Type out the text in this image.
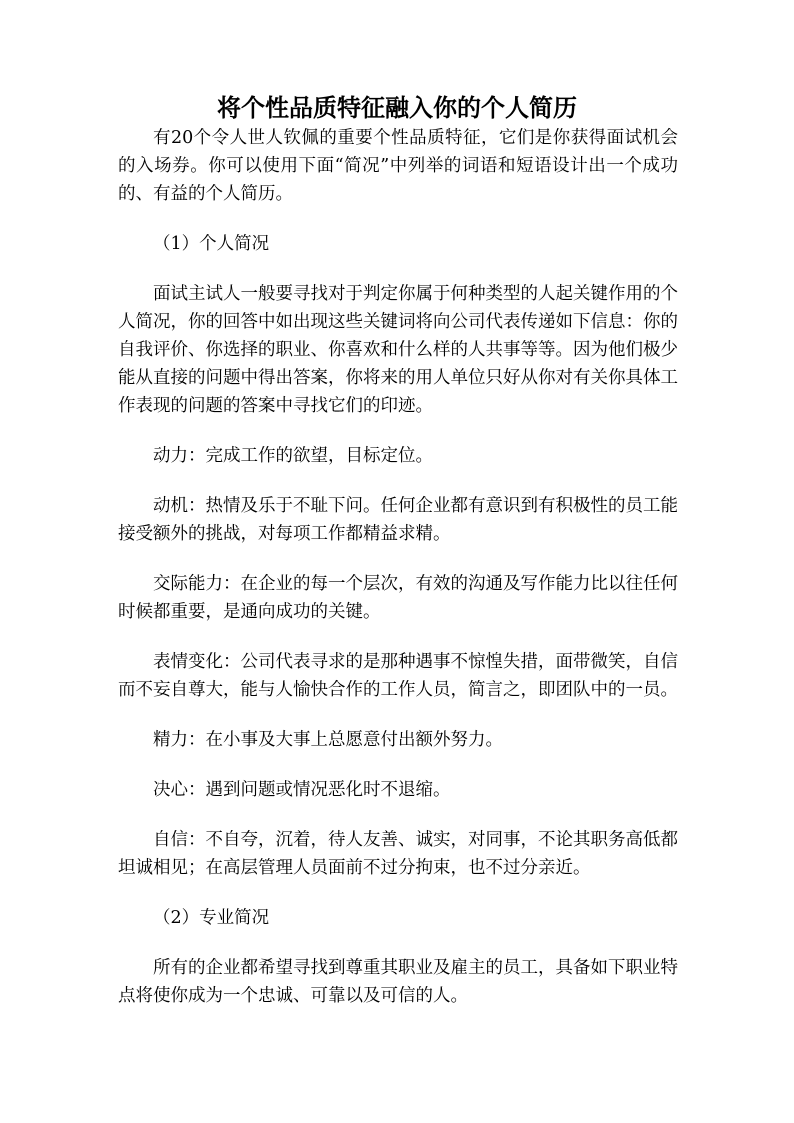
将个性品质特征融入你的个人简历

有20个令人世人钦佩的重要个性品质特征，它们是你获得面试机会的入场券。你可以使用下面“简况”中列举的词语和短语设计出一个成功的、有益的个人简历。

（1）个人简况

面试主试人一般要寻找对于判定你属于何种类型的人起关键作用的个人简况，你的回答中如出现这些关键词将向公司代表传递如下信息：你的自我评价、你选择的职业、你喜欢和什么样的人共事等等。因为他们极少能从直接的问题中得出答案，你将来的用人单位只好从你对有关你具体工作表现的问题的答案中寻找它们的印迹。

动力：完成工作的欲望，目标定位。

动机：热情及乐于不耻下问。任何企业都有意识到有积极性的员工能接受额外的挑战，对每项工作都精益求精。

交际能力：在企业的每一个层次，有效的沟通及写作能力比以往任何时候都重要，是通向成功的关键。

表情变化：公司代表寻求的是那种遇事不惊惶失措，面带微笑，自信而不妄自尊大，能与人愉快合作的工作人员，简言之，即团队中的一员。

精力：在小事及大事上总愿意付出额外努力。

决心：遇到问题或情况恶化时不退缩。

自信：不自夸，沉着，待人友善、诚实，对同事，不论其职务高低都坦诚相见；在高层管理人员面前不过分拘束，也不过分亲近。

（2）专业简况

所有的企业都希望寻找到尊重其职业及雇主的员工，具备如下职业特点将使你成为一个忠诚、可靠以及可信的人。
